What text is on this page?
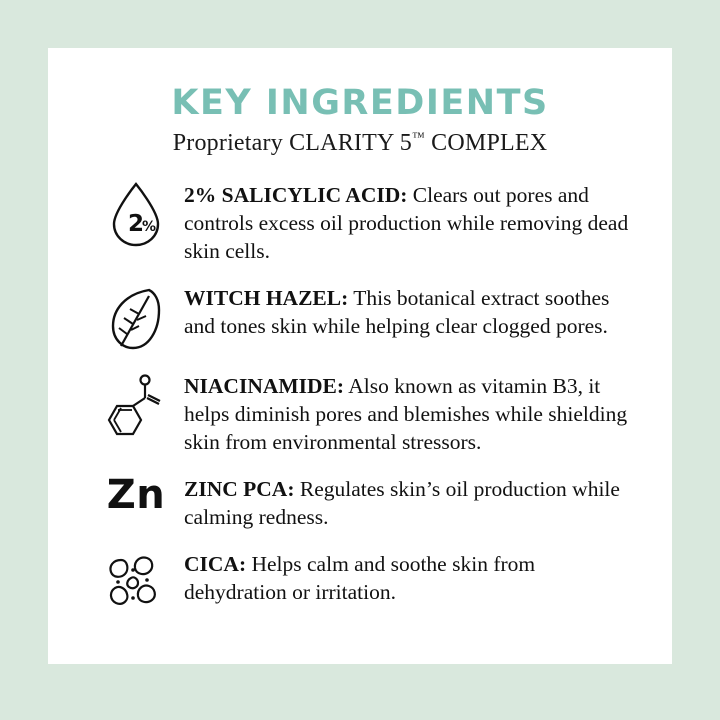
KEY INGREDIENTS
Proprietary CLARITY 5™ COMPLEX
2
%
2% SALICYLIC ACID: Clears out pores and controls excess oil production while removing dead skin cells.
WITCH HAZEL: This botanical extract soothes and tones skin while helping clear clogged pores.
NIACINAMIDE: Also known as vitamin B3, it helps diminish pores and blemishes while shielding skin from environmental stressors.
Zn ZINC PCA: Regulates skin’s oil production while calming redness.
CICA: Helps calm and soothe skin from dehydration or irritation.
